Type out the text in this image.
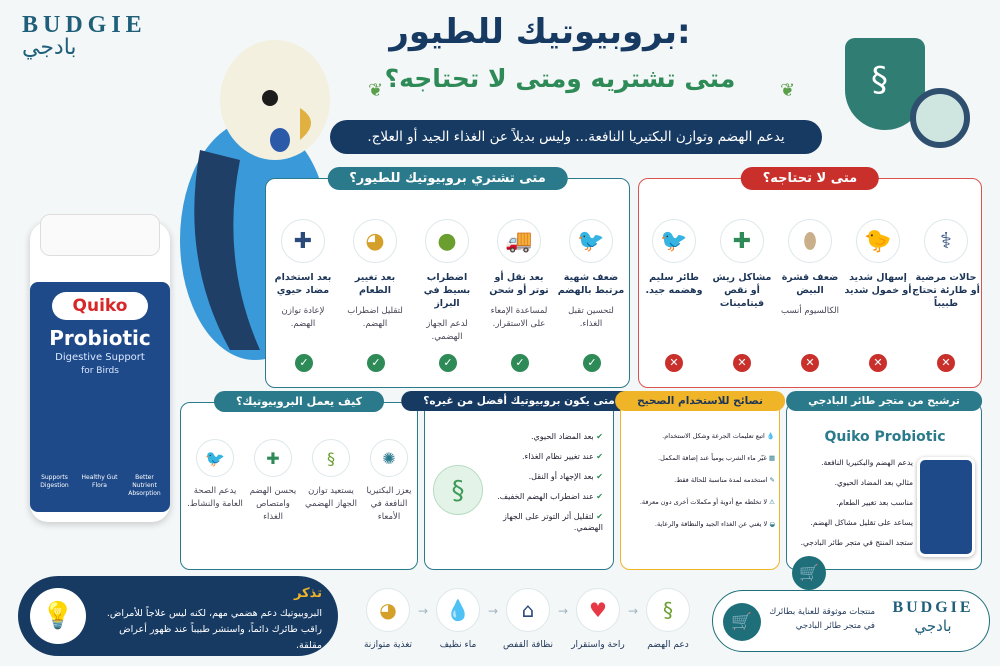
BUDGIE
بادجي	بروبيوتيك للطيور:
متى تشتريه ومتى لا تحتاجه؟
❦	❦
يدعم الهضم وتوازن البكتيريا النافعة... وليس بديلاً عن الغذاء الجيد أو العلاج.
§
Quiko
Probiotic
Digestive Support
for Birds
Supports Digestion
Healthy Gut Flora
Better Nutrient Absorption
متى تشتري بروبيوتيك للطيور؟
🐦
ضعف شهية مرتبط بالهضم
لتحسين تقبل الغذاء.
🚚
بعد نقل أو توتر أو شحن
لمساعدة الإمعاء على الاستقرار.
●
اضطراب بسيط في البراز
لدعم الجهاز الهضمي.
◕
بعد تغيير الطعام
لتقليل اضطراب الهضم.
✚
بعد استخدام مضاد حيوي
لإعادة توازن الهضم.
✓
✓
✓
✓
✓
متى لا تحتاجه؟
⚕
حالات مرضية أو طارئة تحتاج طبيباً
🐤
إسهال شديد أو خمول شديد
⬮
ضعف قشرة البيض
الكالسيوم أنسب
✚
مشاكل ريش أو نقص فيتامينات
🐦
طائر سليم وهضمه جيد.
✕
✕
✕
✕
✕
كيف يعمل البروبيوتيك؟
✺
يعزز البكتيريا النافعة في الأمعاء
§
يستعيد توازن الجهاز الهضمي
✚
يحسن الهضم وامتصاص الغذاء
🐦
يدعم الصحة العامة والنشاط.
متى يكون بروبيوتيك أفضل من غيره؟
§
✔ بعد المضاد الحيوي.
✔ عند تغيير نظام الغذاء.
✔ بعد الإجهاد أو النقل.
✔ عند اضطراب الهضم الخفيف.
✔ لتقليل أثر التوتر على الجهاز الهضمي.
نصائح للاستخدام الصحيح
💧 اتبع تعليمات الجرعة وشكل الاستخدام.
▦ غيّر ماء الشرب يومياً عند إضافة المكمل.
✎ استخدمه لمدة مناسبة للحالة فقط.
⚠ لا تخلطه مع أدوية أو مكملات أخرى دون معرفة.
◒ لا يغني عن الغذاء الجيد والنظافة والرعاية.
ترشيح من متجر طائر البادجي
Quiko Probiotic
يدعم الهضم والبكتيريا النافعة.
مثالي بعد المضاد الحيوي.
مناسب بعد تغيير الطعام.
يساعد على تقليل مشاكل الهضم.
ستجد المنتج في متجر طائر البادجي.
🛒
💡
تذكر
البروبيوتيك دعم هضمي مهم، لكنه ليس علاجاً للأمراض. راقب طائرك دائماً، واستشر طبيباً عند ظهور أعراض مقلقة.
§
دعم الهضم
♥
راحة واستقرار
⌂
نظافة القفص
💧
ماء نظيف
◕
تغذية متوازنة
→	→	→	→
🛒	منتجات موثوقة للعناية بطائرك في متجر طائر البادجي
BUDGIE
بادجي
